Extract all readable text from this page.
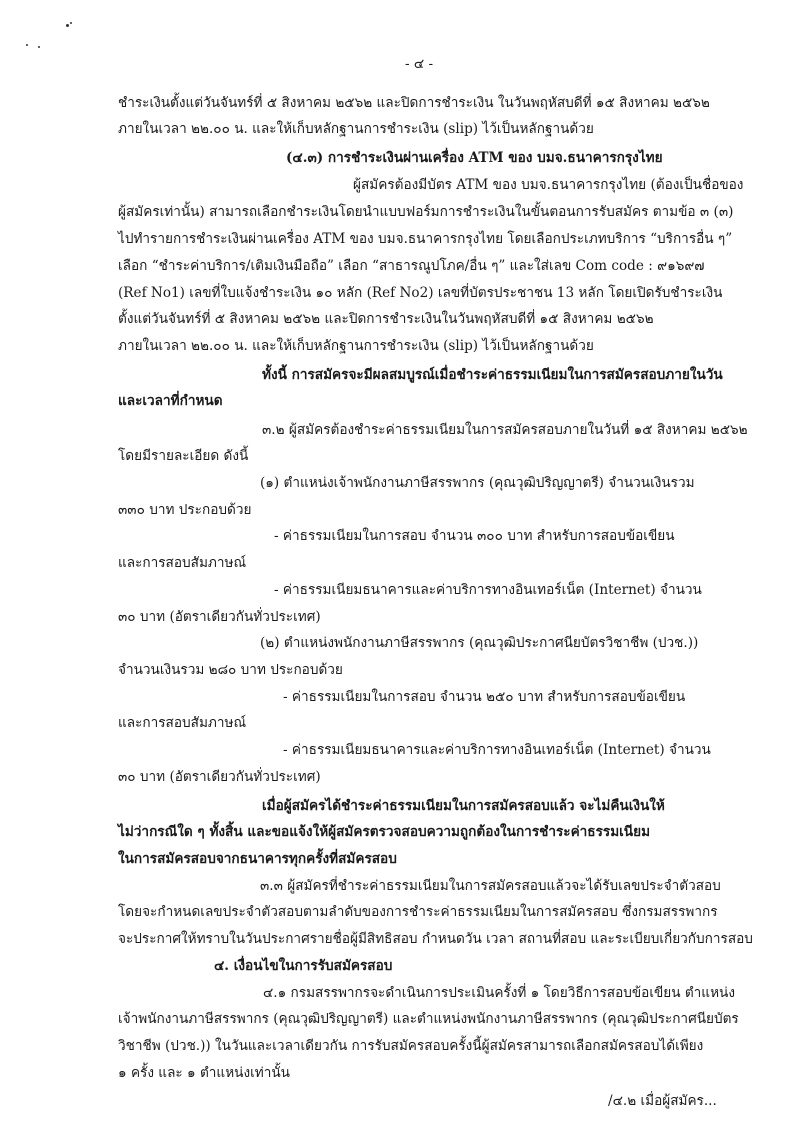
- ๔ -
ชำระเงินตั้งแต่วันจันทร์ที่ ๕ สิงหาคม ๒๕๖๒ และปิดการชำระเงิน ในวันพฤหัสบดีที่ ๑๕ สิงหาคม ๒๕๖๒
ภายในเวลา ๒๒.๐๐ น. และให้เก็บหลักฐานการชำระเงิน (slip) ไว้เป็นหลักฐานด้วย
(๔.๓) การชำระเงินผ่านเครื่อง ATM ของ บมจ.ธนาคารกรุงไทย
ผู้สมัครต้องมีบัตร ATM ของ บมจ.ธนาคารกรุงไทย (ต้องเป็นชื่อของ
ผู้สมัครเท่านั้น) สามารถเลือกชำระเงินโดยนำแบบฟอร์มการชำระเงินในขั้นตอนการรับสมัคร ตามข้อ ๓ (๓)
ไปทำรายการชำระเงินผ่านเครื่อง ATM ของ บมจ.ธนาคารกรุงไทย โดยเลือกประเภทบริการ “บริการอื่น ๆ”
เลือก “ชำระค่าบริการ/เติมเงินมือถือ” เลือก “สาธารณูปโภค/อื่น ๆ” และใส่เลข Com code : ๙๑๖๙๗
(Ref No1) เลขที่ใบแจ้งชำระเงิน ๑๐ หลัก (Ref No2) เลขที่บัตรประชาชน 13 หลัก โดยเปิดรับชำระเงิน
ตั้งแต่วันจันทร์ที่ ๕ สิงหาคม ๒๕๖๒ และปิดการชำระเงินในวันพฤหัสบดีที่ ๑๕ สิงหาคม ๒๕๖๒
ภายในเวลา ๒๒.๐๐ น. และให้เก็บหลักฐานการชำระเงิน (slip) ไว้เป็นหลักฐานด้วย
ทั้งนี้ การสมัครจะมีผลสมบูรณ์เมื่อชำระค่าธรรมเนียมในการสมัครสอบภายในวัน
และเวลาที่กำหนด
๓.๒ ผู้สมัครต้องชำระค่าธรรมเนียมในการสมัครสอบภายในวันที่ ๑๕ สิงหาคม ๒๕๖๒
โดยมีรายละเอียด ดังนี้
(๑) ตำแหน่งเจ้าพนักงานภาษีสรรพากร (คุณวุฒิปริญญาตรี) จำนวนเงินรวม
๓๓๐ บาท ประกอบด้วย
- ค่าธรรมเนียมในการสอบ จำนวน ๓๐๐ บาท สำหรับการสอบข้อเขียน
และการสอบสัมภาษณ์
- ค่าธรรมเนียมธนาคารและค่าบริการทางอินเทอร์เน็ต (Internet) จำนวน
๓๐ บาท (อัตราเดียวกันทั่วประเทศ)
(๒) ตำแหน่งพนักงานภาษีสรรพากร (คุณวุฒิประกาศนียบัตรวิชาชีพ (ปวช.))
จำนวนเงินรวม ๒๘๐ บาท ประกอบด้วย
- ค่าธรรมเนียมในการสอบ จำนวน ๒๕๐ บาท สำหรับการสอบข้อเขียน
และการสอบสัมภาษณ์
- ค่าธรรมเนียมธนาคารและค่าบริการทางอินเทอร์เน็ต (Internet) จำนวน
๓๐ บาท (อัตราเดียวกันทั่วประเทศ)
เมื่อผู้สมัครได้ชำระค่าธรรมเนียมในการสมัครสอบแล้ว จะไม่คืนเงินให้
ไม่ว่ากรณีใด ๆ ทั้งสิ้น และขอแจ้งให้ผู้สมัครตรวจสอบความถูกต้องในการชำระค่าธรรมเนียม
ในการสมัครสอบจากธนาคารทุกครั้งที่สมัครสอบ
๓.๓ ผู้สมัครที่ชำระค่าธรรมเนียมในการสมัครสอบแล้วจะได้รับเลขประจำตัวสอบ
โดยจะกำหนดเลขประจำตัวสอบตามลำดับของการชำระค่าธรรมเนียมในการสมัครสอบ ซึ่งกรมสรรพากร
จะประกาศให้ทราบในวันประกาศรายชื่อผู้มีสิทธิสอบ กำหนดวัน เวลา สถานที่สอบ และระเบียบเกี่ยวกับการสอบ
๔. เงื่อนไขในการรับสมัครสอบ
๔.๑ กรมสรรพากรจะดำเนินการประเมินครั้งที่ ๑ โดยวิธีการสอบข้อเขียน ตำแหน่ง
เจ้าพนักงานภาษีสรรพากร (คุณวุฒิปริญญาตรี) และตำแหน่งพนักงานภาษีสรรพากร (คุณวุฒิประกาศนียบัตร
วิชาชีพ (ปวช.)) ในวันและเวลาเดียวกัน การรับสมัครสอบครั้งนี้ผู้สมัครสามารถเลือกสมัครสอบได้เพียง
๑ ครั้ง และ ๑ ตำแหน่งเท่านั้น
/๔.๒ เมื่อผู้สมัคร...
